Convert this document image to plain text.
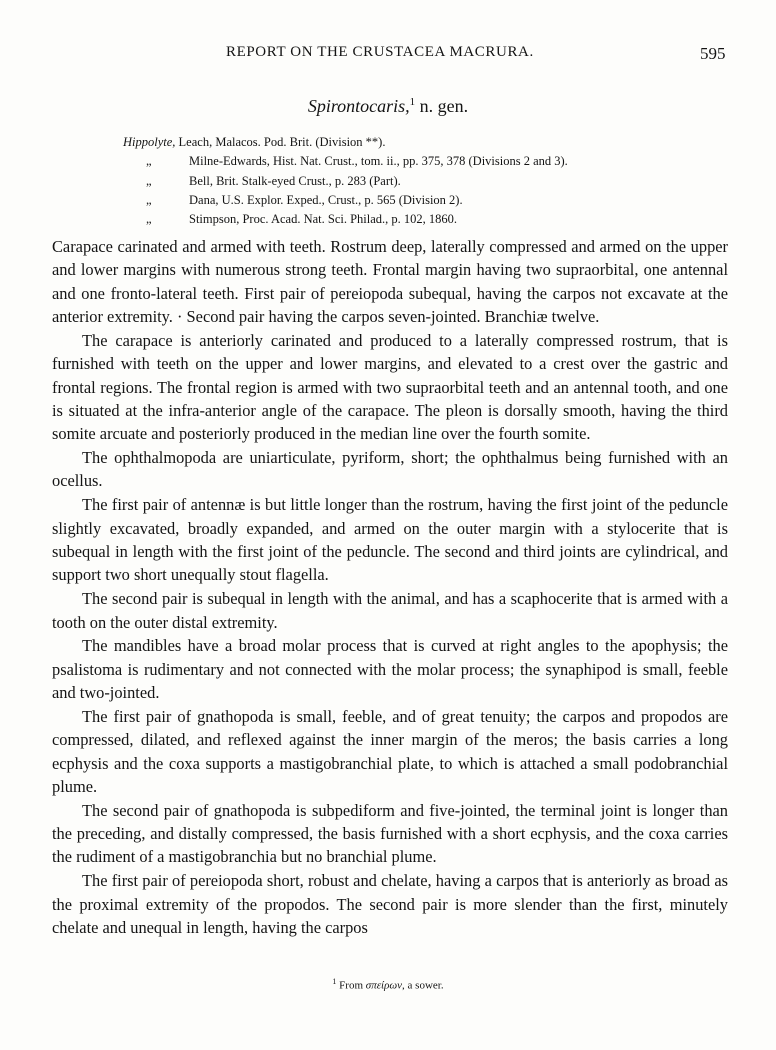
REPORT ON THE CRUSTACEA MACRURA.	595
Spirontocaris,$^1$ n. gen.
Hippolyte, Leach, Malacos. Pod. Brit. (Division **).
„	Milne-Edwards, Hist. Nat. Crust., tom. ii., pp. 375, 378 (Divisions 2 and 3).
„	Bell, Brit. Stalk-eyed Crust., p. 283 (Part).
„	Dana, U.S. Explor. Exped., Crust., p. 565 (Division 2).
„	Stimpson, Proc. Acad. Nat. Sci. Philad., p. 102, 1860.

Carapace carinated and armed with teeth. Rostrum deep, laterally compressed and armed on the upper and lower margins with numerous strong teeth. Frontal margin having two supraorbital, one antennal and one fronto-lateral teeth. First pair of pereiopoda subequal, having the carpos not excavate at the anterior extremity. · Second pair having the carpos seven-jointed. Branchiæ twelve.

The carapace is anteriorly carinated and produced to a laterally compressed rostrum, that is furnished with teeth on the upper and lower margins, and elevated to a crest over the gastric and frontal regions. The frontal region is armed with two supraorbital teeth and an antennal tooth, and one is situated at the infra-anterior angle of the carapace. The pleon is dorsally smooth, having the third somite arcuate and posteriorly produced in the median line over the fourth somite.

The ophthalmopoda are uniarticulate, pyriform, short; the ophthalmus being furnished with an ocellus.

The first pair of antennæ is but little longer than the rostrum, having the first joint of the peduncle slightly excavated, broadly expanded, and armed on the outer margin with a stylocerite that is subequal in length with the first joint of the peduncle. The second and third joints are cylindrical, and support two short unequally stout flagella.

The second pair is subequal in length with the animal, and has a scaphocerite that is armed with a tooth on the outer distal extremity.

The mandibles have a broad molar process that is curved at right angles to the apophysis; the psalistoma is rudimentary and not connected with the molar process; the synaphipod is small, feeble and two-jointed.

The first pair of gnathopoda is small, feeble, and of great tenuity; the carpos and propodos are compressed, dilated, and reflexed against the inner margin of the meros; the basis carries a long ecphysis and the coxa supports a mastigobranchial plate, to which is attached a small podobranchial plume.

The second pair of gnathopoda is subpediform and five-jointed, the terminal joint is longer than the preceding, and distally compressed, the basis furnished with a short ecphysis, and the coxa carries the rudiment of a mastigobranchia but no branchial plume.

The first pair of pereiopoda short, robust and chelate, having a carpos that is anteriorly as broad as the proximal extremity of the propodos. The second pair is more slender than the first, minutely chelate and unequal in length, having the carpos

$^1$ From σπείρων, a sower.
